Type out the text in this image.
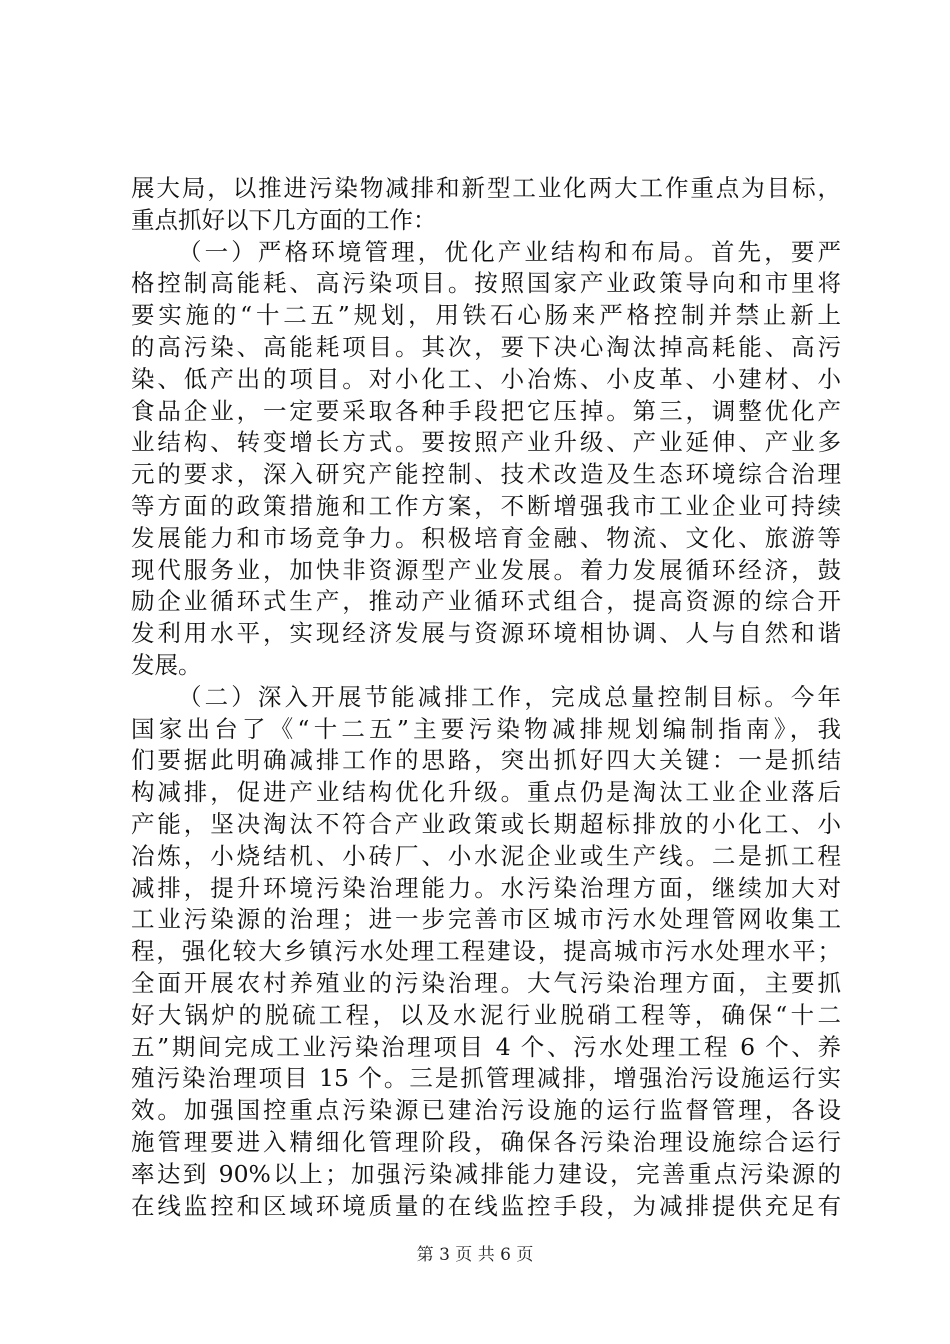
展大局，以推进污染物减排和新型工业化两大工作重点为目标，
重点抓好以下几方面的工作：
（一）严格环境管理，优化产业结构和布局。首先，要严
格控制高能耗、高污染项目。按照国家产业政策导向和市里将
要实施的“十二五”规划，用铁石心肠来严格控制并禁止新上
的高污染、高能耗项目。其次，要下决心淘汰掉高耗能、高污
染、低产出的项目。对小化工、小冶炼、小皮革、小建材、小
食品企业，一定要采取各种手段把它压掉。第三，调整优化产
业结构、转变增长方式。要按照产业升级、产业延伸、产业多
元的要求，深入研究产能控制、技术改造及生态环境综合治理
等方面的政策措施和工作方案，不断增强我市工业企业可持续
发展能力和市场竞争力。积极培育金融、物流、文化、旅游等
现代服务业，加快非资源型产业发展。着力发展循环经济，鼓
励企业循环式生产，推动产业循环式组合，提高资源的综合开
发利用水平，实现经济发展与资源环境相协调、人与自然和谐
发展。
（二）深入开展节能减排工作，完成总量控制目标。今年
国家出台了《“十二五”主要污染物减排规划编制指南》，我
们要据此明确减排工作的思路，突出抓好四大关键：一是抓结
构减排，促进产业结构优化升级。重点仍是淘汰工业企业落后
产能，坚决淘汰不符合产业政策或长期超标排放的小化工、小
冶炼，小烧结机、小砖厂、小水泥企业或生产线。二是抓工程
减排，提升环境污染治理能力。水污染治理方面，继续加大对
工业污染源的治理；进一步完善市区城市污水处理管网收集工
程，强化较大乡镇污水处理工程建设，提高城市污水处理水平；
全面开展农村养殖业的污染治理。大气污染治理方面，主要抓
好大锅炉的脱硫工程，以及水泥行业脱硝工程等，确保“十二
五”期间完成工业污染治理项目 4 个、污水处理工程 6 个、养
殖污染治理项目 15 个。三是抓管理减排，增强治污设施运行实
效。加强国控重点污染源已建治污设施的运行监督管理，各设
施管理要进入精细化管理阶段，确保各污染治理设施综合运行
率达到 90%以上；加强污染减排能力建设，完善重点污染源的
在线监控和区域环境质量的在线监控手段，为减排提供充足有
第 3 页 共 6 页
